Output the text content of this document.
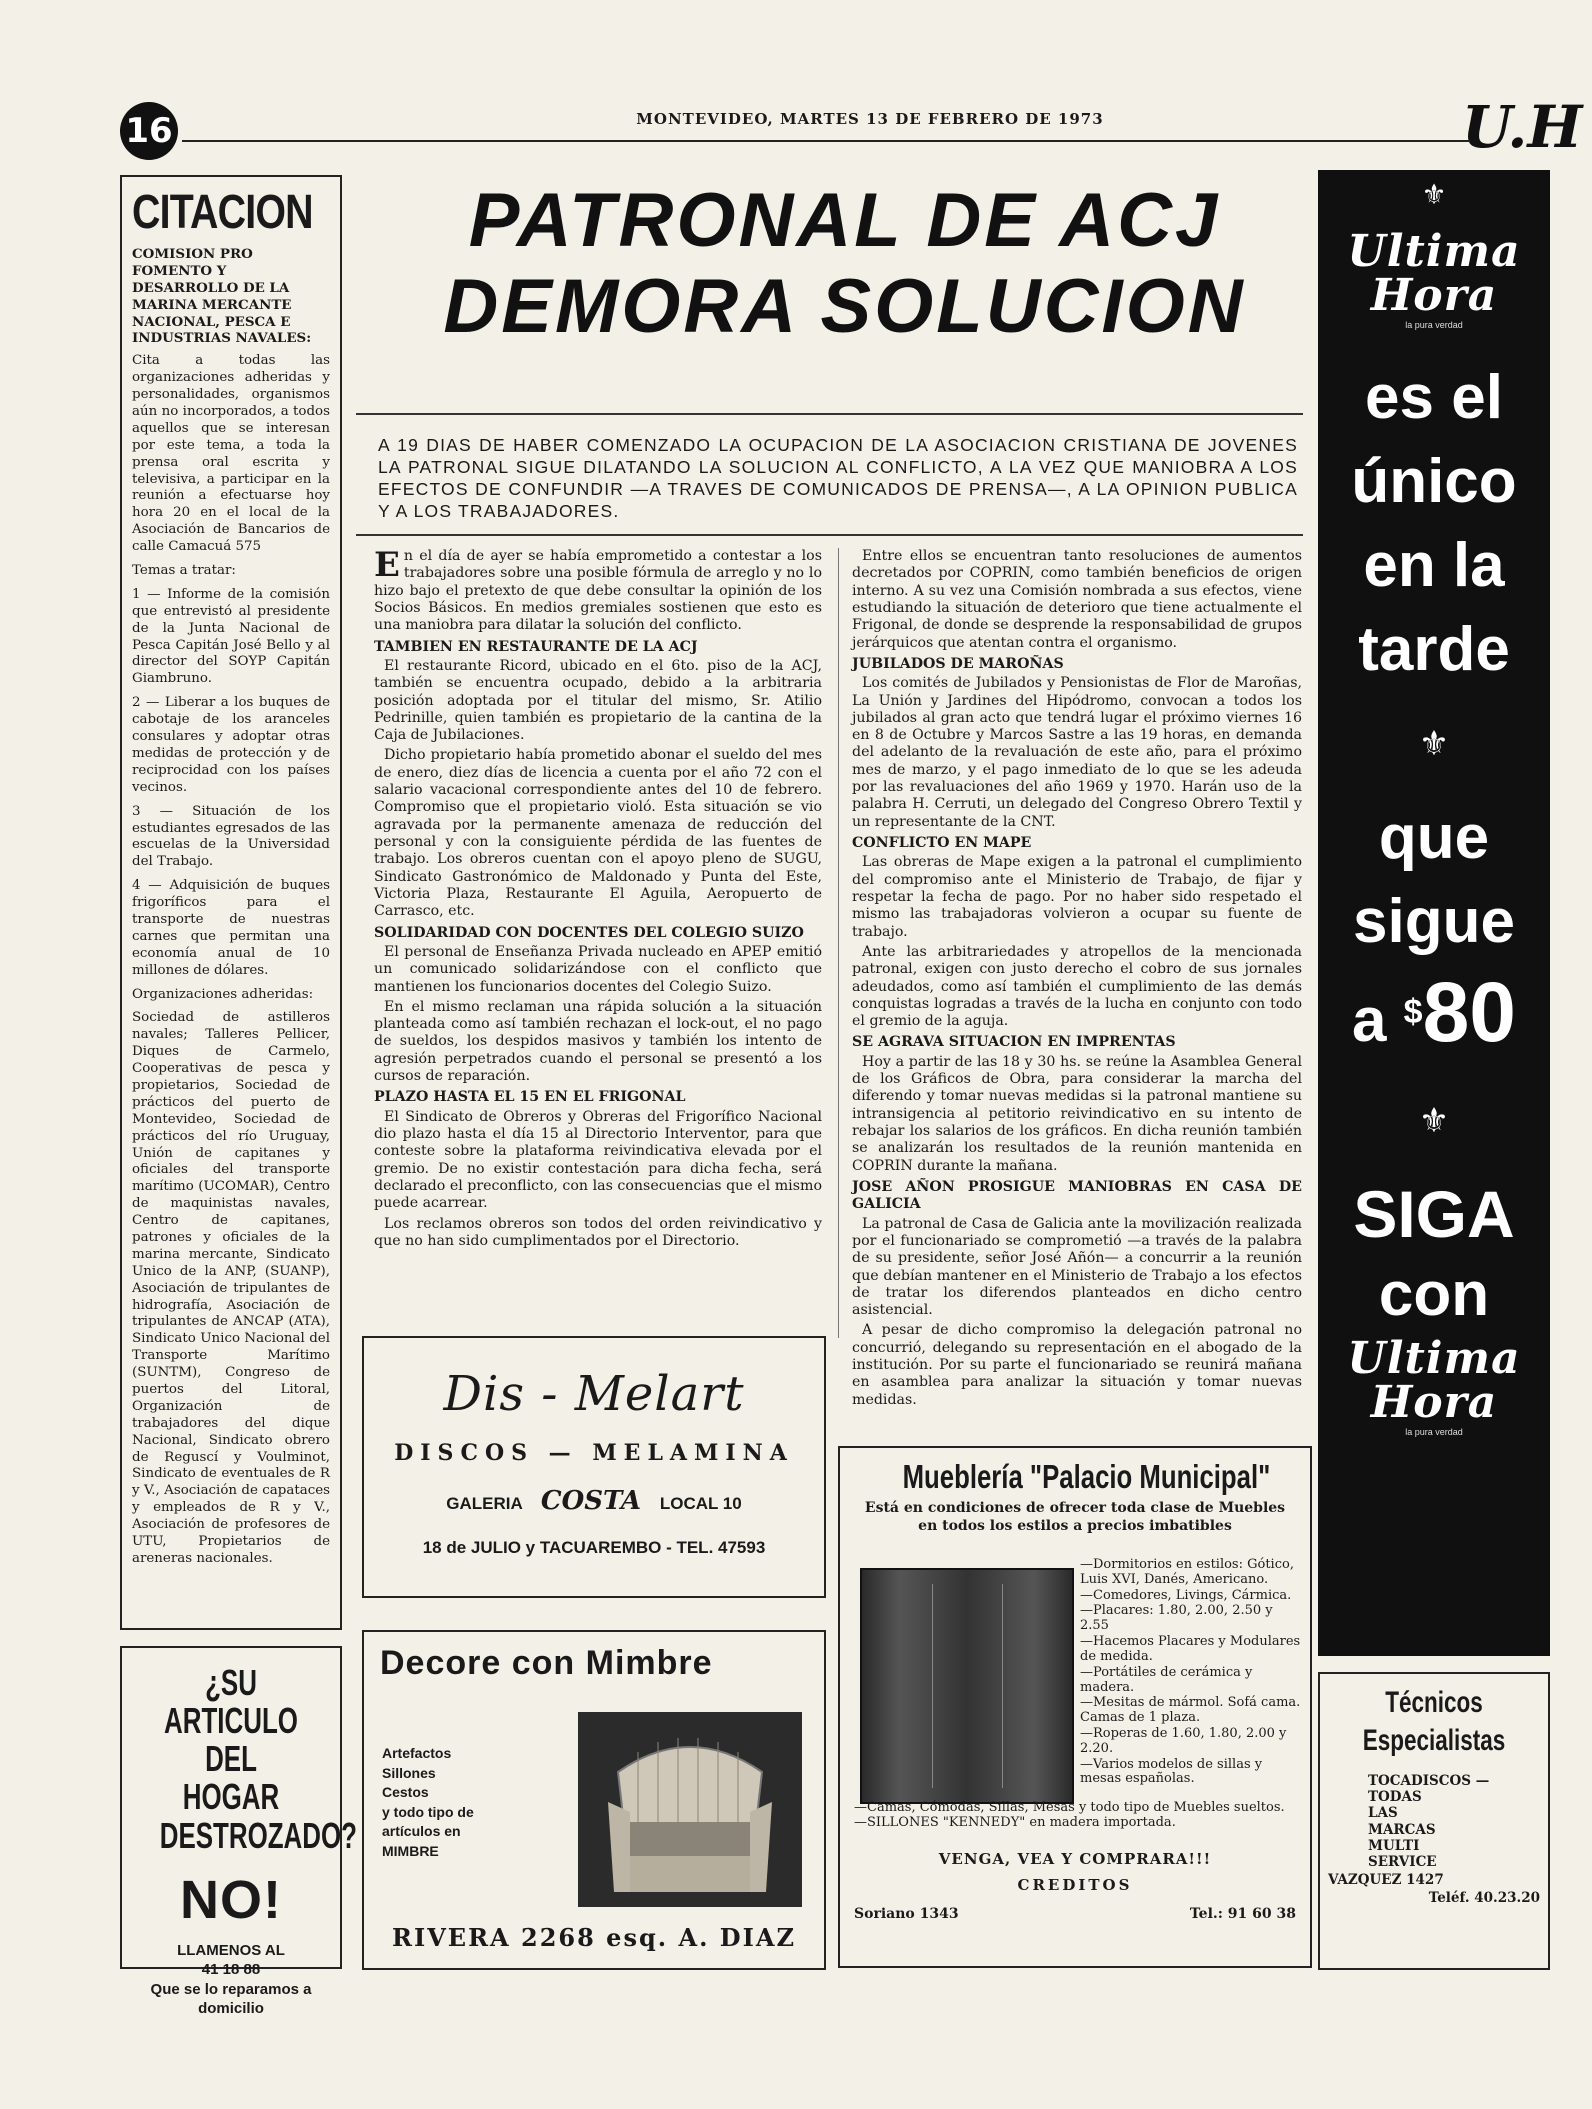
16	MONTEVIDEO, MARTES 13 DE FEBRERO DE 1973	U.H
CITACION
COMISION PRO FOMENTO Y DESARROLLO DE LA MARINA MERCANTE NACIONAL, PESCA E INDUSTRIAS NAVALES:

Cita a todas las organizaciones adheridas y personalidades, organismos aún no incorporados, a todos aquellos que se interesan por este tema, a toda la prensa oral escrita y televisiva, a participar en la reunión a efectuarse hoy hora 20 en el local de la Asociación de Bancarios de calle Camacuá 575

Temas a tratar:

1 — Informe de la comisión que entrevistó al presidente de la Junta Nacional de Pesca Capitán José Bello y al director del SOYP Capitán Giambruno.

2 — Liberar a los buques de cabotaje de los aranceles consulares y adoptar otras medidas de protección y de reciprocidad con los países vecinos.

3 — Situación de los estudiantes egresados de las escuelas de la Universidad del Trabajo.

4 — Adquisición de buques frigoríficos para el transporte de nuestras carnes que permitan una economía anual de 10 millones de dólares.

Organizaciones adheridas:

Sociedad de astilleros navales; Talleres Pellicer, Diques de Carmelo, Cooperativas de pesca y propietarios, Sociedad de prácticos del puerto de Montevideo, Sociedad de prácticos del río Uruguay, Unión de capitanes y oficiales del transporte marítimo (UCOMAR), Centro de maquinistas navales, Centro de capitanes, patrones y oficiales de la marina mercante, Sindicato Unico de la ANP, (SUANP), Asociación de tripulantes de hidrografía, Asociación de tripulantes de ANCAP (ATA), Sindicato Unico Nacional del Transporte Marítimo (SUNTM), Congreso de puertos del Litoral, Organización de trabajadores del dique Nacional, Sindicato obrero de Reguscí y Voulminot, Sindicato de eventuales de R y V., Asociación de capataces y empleados de R y V., Asociación de profesores de UTU, Propietarios de areneras nacionales.

¿SU ARTICULO DEL HOGAR DESTROZADO?
NO!
LLAMENOS AL
41 18 88
Que se lo reparamos a domicilio
PATRONAL DE ACJ
DEMORA SOLUCION
A 19 DIAS DE HABER COMENZADO LA OCUPACION DE LA ASOCIACION CRISTIANA DE JOVENES LA PATRONAL SIGUE DILATANDO LA SOLUCION AL CONFLICTO, A LA VEZ QUE MANIOBRA A LOS EFECTOS DE CONFUNDIR —A TRAVES DE COMUNICADOS DE PRENSA—, A LA OPINION PUBLICA Y A LOS TRABAJADORES.

En el día de ayer se había emprometido a contestar a los trabajadores sobre una posible fórmula de arreglo y no lo hizo bajo el pretexto de que debe consultar la opinión de los Socios Básicos. En medios gremiales sostienen que esto es una maniobra para dilatar la solución del conflicto.

TAMBIEN EN RESTAURANTE DE LA ACJ

El restaurante Ricord, ubicado en el 6to. piso de la ACJ, también se encuentra ocupado, debido a la arbitraria posición adoptada por el titular del mismo, Sr. Atilio Pedrinille, quien también es propietario de la cantina de la Caja de Jubilaciones.

Dicho propietario había prometido abonar el sueldo del mes de enero, diez días de licencia a cuenta por el año 72 con el salario vacacional correspondiente antes del 10 de febrero. Compromiso que el propietario violó. Esta situación se vio agravada por la permanente amenaza de reducción del personal y con la consiguiente pérdida de las fuentes de trabajo. Los obreros cuentan con el apoyo pleno de SUGU, Sindicato Gastronómico de Maldonado y Punta del Este, Victoria Plaza, Restaurante El Aguila, Aeropuerto de Carrasco, etc.

SOLIDARIDAD CON DOCENTES DEL COLEGIO SUIZO

El personal de Enseñanza Privada nucleado en APEP emitió un comunicado solidarizándose con el conflicto que mantienen los funcionarios docentes del Colegio Suizo.

En el mismo reclaman una rápida solución a la situación planteada como así también rechazan el lock-out, el no pago de sueldos, los despidos masivos y también los intento de agresión perpetrados cuando el personal se presentó a los cursos de reparación.

PLAZO HASTA EL 15 EN EL FRIGONAL

El Sindicato de Obreros y Obreras del Frigorífico Nacional dio plazo hasta el día 15 al Directorio Interventor, para que conteste sobre la plataforma reivindicativa elevada por el gremio. De no existir contestación para dicha fecha, será declarado el preconflicto, con las consecuencias que el mismo puede acarrear.

Los reclamos obreros son todos del orden reivindicativo y que no han sido cumplimentados por el Directorio.

Entre ellos se encuentran tanto resoluciones de aumentos decretados por COPRIN, como también beneficios de origen interno. A su vez una Comisión nombrada a sus efectos, viene estudiando la situación de deterioro que tiene actualmente el Frigonal, de donde se desprende la responsabilidad de grupos jerárquicos que atentan contra el organismo.

JUBILADOS DE MAROÑAS

Los comités de Jubilados y Pensionistas de Flor de Maroñas, La Unión y Jardines del Hipódromo, convocan a todos los jubilados al gran acto que tendrá lugar el próximo viernes 16 en 8 de Octubre y Marcos Sastre a las 19 horas, en demanda del adelanto de la revaluación de este año, para el próximo mes de marzo, y el pago inmediato de lo que se les adeuda por las revaluaciones del año 1969 y 1970. Harán uso de la palabra H. Cerruti, un delegado del Congreso Obrero Textil y un representante de la CNT.

CONFLICTO EN MAPE

Las obreras de Mape exigen a la patronal el cumplimiento del compromiso ante el Ministerio de Trabajo, de fijar y respetar la fecha de pago. Por no haber sido respetado el mismo las trabajadoras volvieron a ocupar su fuente de trabajo.

Ante las arbitrariedades y atropellos de la mencionada patronal, exigen con justo derecho el cobro de sus jornales adeudados, como así también el cumplimiento de las demás conquistas logradas a través de la lucha en conjunto con todo el gremio de la aguja.

SE AGRAVA SITUACION EN IMPRENTAS

Hoy a partir de las 18 y 30 hs. se reúne la Asamblea General de los Gráficos de Obra, para considerar la marcha del diferendo y tomar nuevas medidas si la patronal mantiene su intransigencia al petitorio reivindicativo en su intento de rebajar los salarios de los gráficos. En dicha reunión también se analizarán los resultados de la reunión mantenida en COPRIN durante la mañana.

JOSE AÑON PROSIGUE MANIOBRAS EN CASA DE GALICIA

La patronal de Casa de Galicia ante la movilización realizada por el funcionariado se comprometió —a través de la palabra de su presidente, señor José Añón— a concurrir a la reunión que debían mantener en el Ministerio de Trabajo a los efectos de tratar los diferendos planteados en dicho centro asistencial.

A pesar de dicho compromiso la delegación patronal no concurrió, delegando su representación en el abogado de la institución. Por su parte el funcionariado se reunirá mañana en asamblea para analizar la situación y tomar nuevas medidas.

Dis - Melart
DISCOS — MELAMINA
GALERIA COSTA LOCAL 10
18 de JULIO y TACUAREMBO - TEL. 47593
Decore con Mimbre
Artefactos
Sillones
Cestos
y todo tipo de
artículos en
MIMBRE
RIVERA 2268 esq. A. DIAZ
Mueblería "Palacio Municipal"
Está en condiciones de ofrecer toda clase de Muebles en todos los estilos a precios imbatibles
—Dormitorios en estilos: Gótico, Luis XVI, Danés, Americano.
—Comedores, Livings, Cármica.
—Placares: 1.80, 2.00, 2.50 y 2.55
—Hacemos Placares y Modulares de medida.
—Portátiles de cerámica y madera.
—Mesitas de mármol. Sofá cama. Camas de 1 plaza.
—Roperas de 1.60, 1.80, 2.00 y 2.20.
—Varios modelos de sillas y mesas españolas.
—Camas, Cómodas, Sillas, Mesas y todo tipo de Muebles sueltos.
—SILLONES "KENNEDY" en madera importada.
VENGA, VEA Y COMPRARA!!!
CREDITOS
Soriano 1343	Tel.: 91 60 38
⚜
Ultima Hora
la pura verdad
es el
único
en la
tarde
⚜
que
sigue
a $80
⚜
SIGA
con
Ultima Hora
la pura verdad
Técnicos Especialistas
TOCADISCOS —
TODAS
LAS
MARCAS
MULTI
SERVICE
VAZQUEZ 1427
Teléf. 40.23.20
